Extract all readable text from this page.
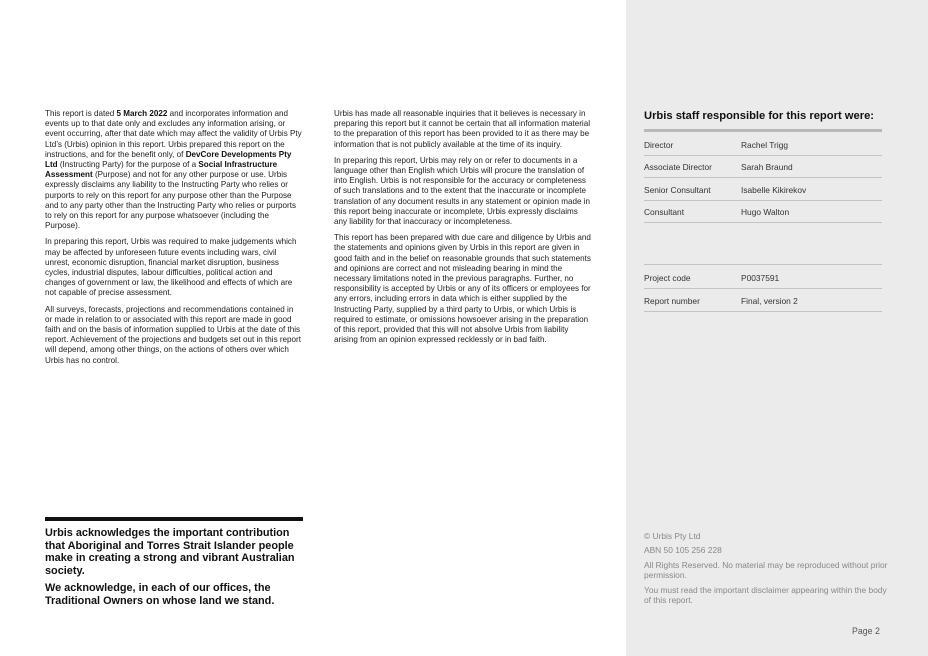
This report is dated 5 March 2022 and incorporates information and events up to that date only and excludes any information arising, or event occurring, after that date which may affect the validity of Urbis Pty Ltd’s (Urbis) opinion in this report. Urbis prepared this report on the instructions, and for the benefit only, of DevCore Developments Pty Ltd (Instructing Party) for the purpose of a Social Infrastructure Assessment (Purpose) and not for any other purpose or use. Urbis expressly disclaims any liability to the Instructing Party who relies or purports to rely on this report for any purpose other than the Purpose and to any party other than the Instructing Party who relies or purports to rely on this report for any purpose whatsoever (including the Purpose).

In preparing this report, Urbis was required to make judgements which may be affected by unforeseen future events including wars, civil unrest, economic disruption, financial market disruption, business cycles, industrial disputes, labour difficulties, political action and changes of government or law, the likelihood and effects of which are not capable of precise assessment.

All surveys, forecasts, projections and recommendations contained in or made in relation to or associated with this report are made in good faith and on the basis of information supplied to Urbis at the date of this report. Achievement of the projections and budgets set out in this report will depend, among other things, on the actions of others over which Urbis has no control.

Urbis has made all reasonable inquiries that it believes is necessary in preparing this report but it cannot be certain that all information material to the preparation of this report has been provided to it as there may be information that is not publicly available at the time of its inquiry.

In preparing this report, Urbis may rely on or refer to documents in a language other than English which Urbis will procure the translation of into English. Urbis is not responsible for the accuracy or completeness of such translations and to the extent that the inaccurate or incomplete translation of any document results in any statement or opinion made in this report being inaccurate or incomplete, Urbis expressly disclaims any liability for that inaccuracy or incompleteness.

This report has been prepared with due care and diligence by Urbis and the statements and opinions given by Urbis in this report are given in good faith and in the belief on reasonable grounds that such statements and opinions are correct and not misleading bearing in mind the necessary limitations noted in the previous paragraphs. Further, no responsibility is accepted by Urbis or any of its officers or employees for any errors, including errors in data which is either supplied by the Instructing Party, supplied by a third party to Urbis, or which Urbis is required to estimate, or omissions howsoever arising in the preparation of this report, provided that this will not absolve Urbis from liability arising from an opinion expressed recklessly or in bad faith.

Urbis acknowledges the important contribution that Aboriginal and Torres Strait Islander people make in creating a strong and vibrant Australian society.

We acknowledge, in each of our offices, the Traditional Owners on whose land we stand.

Urbis staff responsible for this report were:
Director	Rachel Trigg
Associate Director	Sarah Braund
Senior Consultant	Isabelle Kikirekov
Consultant	Hugo Walton
Project code	P0037591
Report number	Final, version 2

© Urbis Pty Ltd

ABN 50 105 256 228

All Rights Reserved. No material may be reproduced without prior permission.

You must read the important disclaimer appearing within the body of this report.

Page 2
